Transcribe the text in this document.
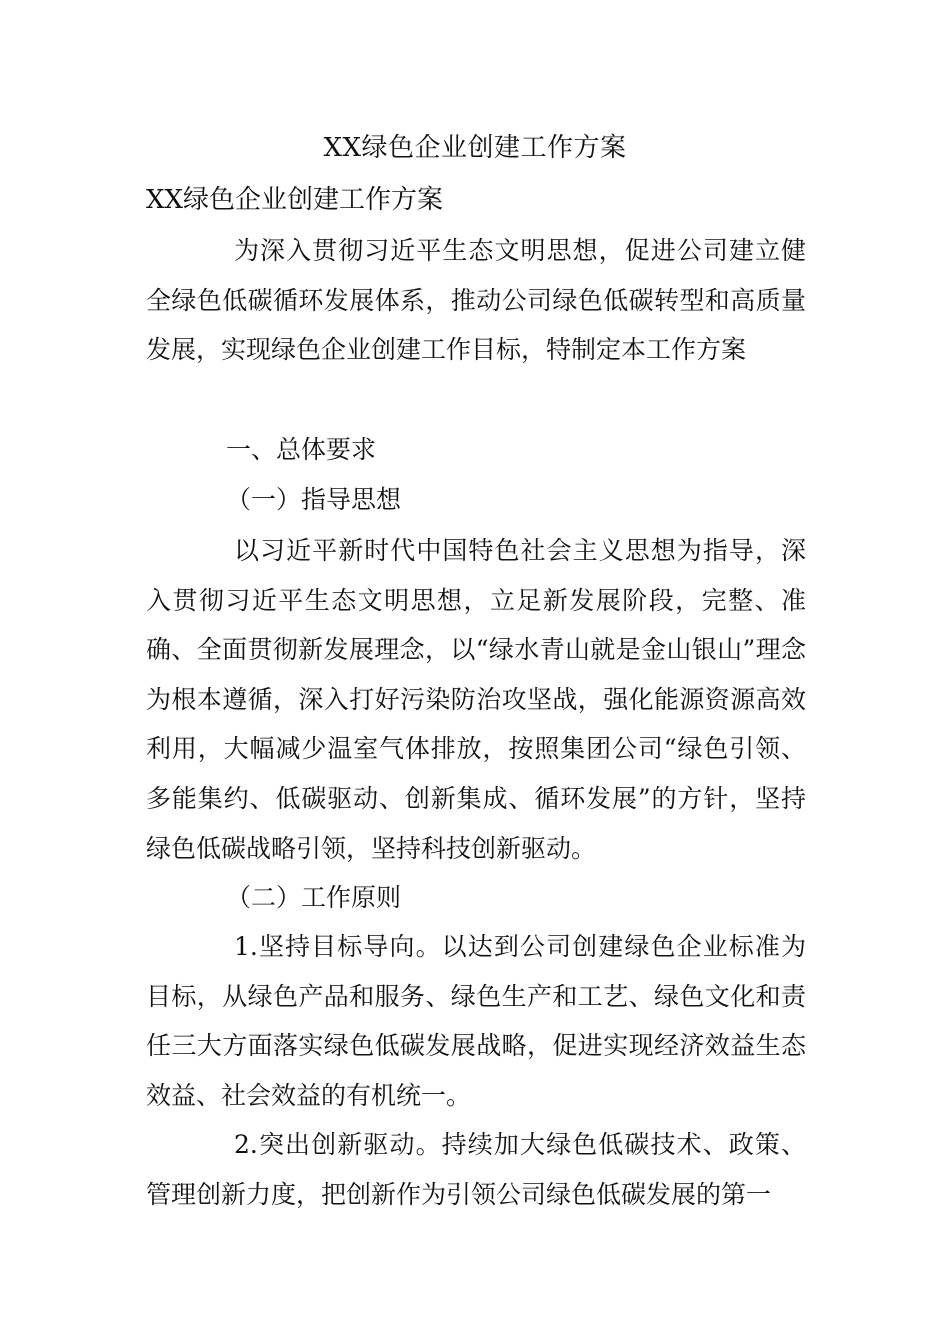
XX绿色企业创建工作方案
XX绿色企业创建工作方案

为深入贯彻习近平生态文明思想，促进公司建立健全绿色低碳循环发展体系，推动公司绿色低碳转型和高质量发展，实现绿色企业创建工作目标，特制定本工作方案

一、总体要求
（一）指导思想

以习近平新时代中国特色社会主义思想为指导，深入贯彻习近平生态文明思想，立足新发展阶段，完整、准确、全面贯彻新发展理念，以“绿水青山就是金山银山”理念为根本遵循，深入打好污染防治攻坚战，强化能源资源高效利用，大幅减少温室气体排放，按照集团公司“绿色引领、多能集约、低碳驱动、创新集成、循环发展”的方针，坚持绿色低碳战略引领，坚持科技创新驱动。

（二）工作原则

1.坚持目标导向。以达到公司创建绿色企业标准为目标，从绿色产品和服务、绿色生产和工艺、绿色文化和责任三大方面落实绿色低碳发展战略，促进实现经济效益生态效益、社会效益的有机统一。

2.突出创新驱动。持续加大绿色低碳技术、政策、管理创新力度，把创新作为引领公司绿色低碳发展的第一
